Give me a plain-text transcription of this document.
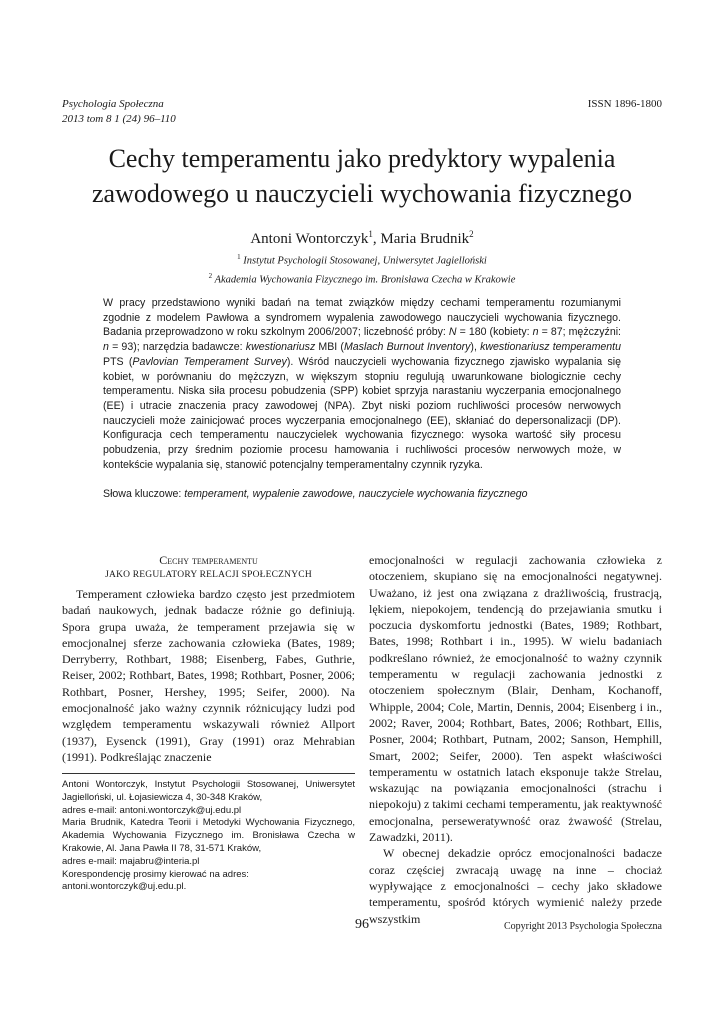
Psychologia Społeczna
2013 tom 8 1 (24) 96–110
ISSN 1896-1800
Cechy temperamentu jako predyktory wypalenia
zawodowego u nauczycieli wychowania fizycznego
Antoni Wontorczyk$^1$, Maria Brudnik$^2$
$^1$ Instytut Psychologii Stosowanej, Uniwersytet Jagielloński
$^2$ Akademia Wychowania Fizycznego im. Bronisława Czecha w Krakowie

W pracy przedstawiono wyniki badań na temat związków między cechami temperamentu rozumianymi zgodnie z modelem Pawłowa a syndromem wypalenia zawodowego nauczycieli wychowania fizycznego. Badania przeprowadzono w roku szkolnym 2006/2007; liczebność próby: N = 180 (kobiety: n = 87; mężczyźni: n = 93); narzędzia badawcze: kwestionariusz MBI (Maslach Burnout Inventory), kwestionariusz temperamentu PTS (Pavlovian Temperament Survey). Wśród nauczycieli wychowania fizycznego zjawisko wypalania się kobiet, w porównaniu do mężczyzn, w większym stopniu regulują uwarunkowane biologicznie cechy temperamentu. Niska siła procesu pobudzenia (SPP) kobiet sprzyja narastaniu wyczerpania emocjonalnego (EE) i utracie znaczenia pracy zawodowej (NPA). Zbyt niski poziom ruchliwości procesów nerwowych nauczycieli może zainicjować proces wyczerpania emocjonalnego (EE), skłaniać do depersonalizacji (DP). Konfiguracja cech temperamentu nauczycielek wychowania fizycznego: wysoka wartość siły procesu pobudzenia, przy średnim poziomie procesu hamowania i ruchliwości procesów nerwowych może, w kontekście wypalania się, stanowić potencjalny temperamentalny czynnik ryzyka.

Słowa kluczowe: temperament, wypalenie zawodowe, nauczyciele wychowania fizycznego
Cechy temperamentu
JAKO REGULATORY RELACJI SPOŁECZNYCH

Temperament człowieka bardzo często jest przedmiotem badań naukowych, jednak badacze różnie go definiują. Spora grupa uważa, że temperament przejawia się w emocjonalnej sferze zachowania człowieka (Bates, 1989; Derryberry, Rothbart, 1988; Eisenberg, Fabes, Guthrie, Reiser, 2002; Rothbart, Bates, 1998; Rothbart, Posner, 2006; Rothbart, Posner, Hershey, 1995; Seifer, 2000). Na emocjonalność jako ważny czynnik różnicujący ludzi pod względem temperamentu wskazywali również Allport (1937), Eysenck (1991), Gray (1991) oraz Mehrabian (1991). Podkreślając znaczenie

emocjonalności w regulacji zachowania człowieka z otoczeniem, skupiano się na emocjonalności negatywnej. Uważano, iż jest ona związana z drażliwością, frustracją, lękiem, niepokojem, tendencją do przejawiania smutku i poczucia dyskomfortu jednostki (Bates, 1989; Rothbart, Bates, 1998; Rothbart i in., 1995). W wielu badaniach podkreślano również, że emocjonalność to ważny czynnik temperamentu w regulacji zachowania jednostki z otoczeniem społecznym (Blair, Denham, Kochanoff, Whipple, 2004; Cole, Martin, Dennis, 2004; Eisenberg i in., 2002; Raver, 2004; Rothbart, Bates, 2006; Rothbart, Ellis, Posner, 2004; Rothbart, Putnam, 2002; Sanson, Hemphill, Smart, 2002; Seifer, 2000). Ten aspekt właściwości temperamentu w ostatnich latach eksponuje także Strelau, wskazując na powiązania emocjonalności (strachu i niepokoju) z takimi cechami temperamentu, jak reaktywność emocjonalna, perseweratywność oraz żwawość (Strelau, Zawadzki, 2011).

W obecnej dekadzie oprócz emocjonalności badacze coraz częściej zwracają uwagę na inne – chociaż wypływające z emocjonalności – cechy jako składowe temperamentu, spośród których wymienić należy przede wszystkim

Antoni Wontorczyk, Instytut Psychologii Stosowanej, Uniwersytet Jagielloński, ul. Łojasiewicza 4, 30-348 Kraków,

adres e-mail: antoni.wontorczyk@uj.edu.pl

Maria Brudnik, Katedra Teorii i Metodyki Wychowania Fizycznego, Akademia Wychowania Fizycznego im. Bronisława Czecha w Krakowie, Al. Jana Pawła II 78, 31-571 Kraków,

adres e-mail: majabru@interia.pl

Korespondencję prosimy kierować na adres:

antoni.wontorczyk@uj.edu.pl.

96	Copyright 2013 Psychologia Społeczna
